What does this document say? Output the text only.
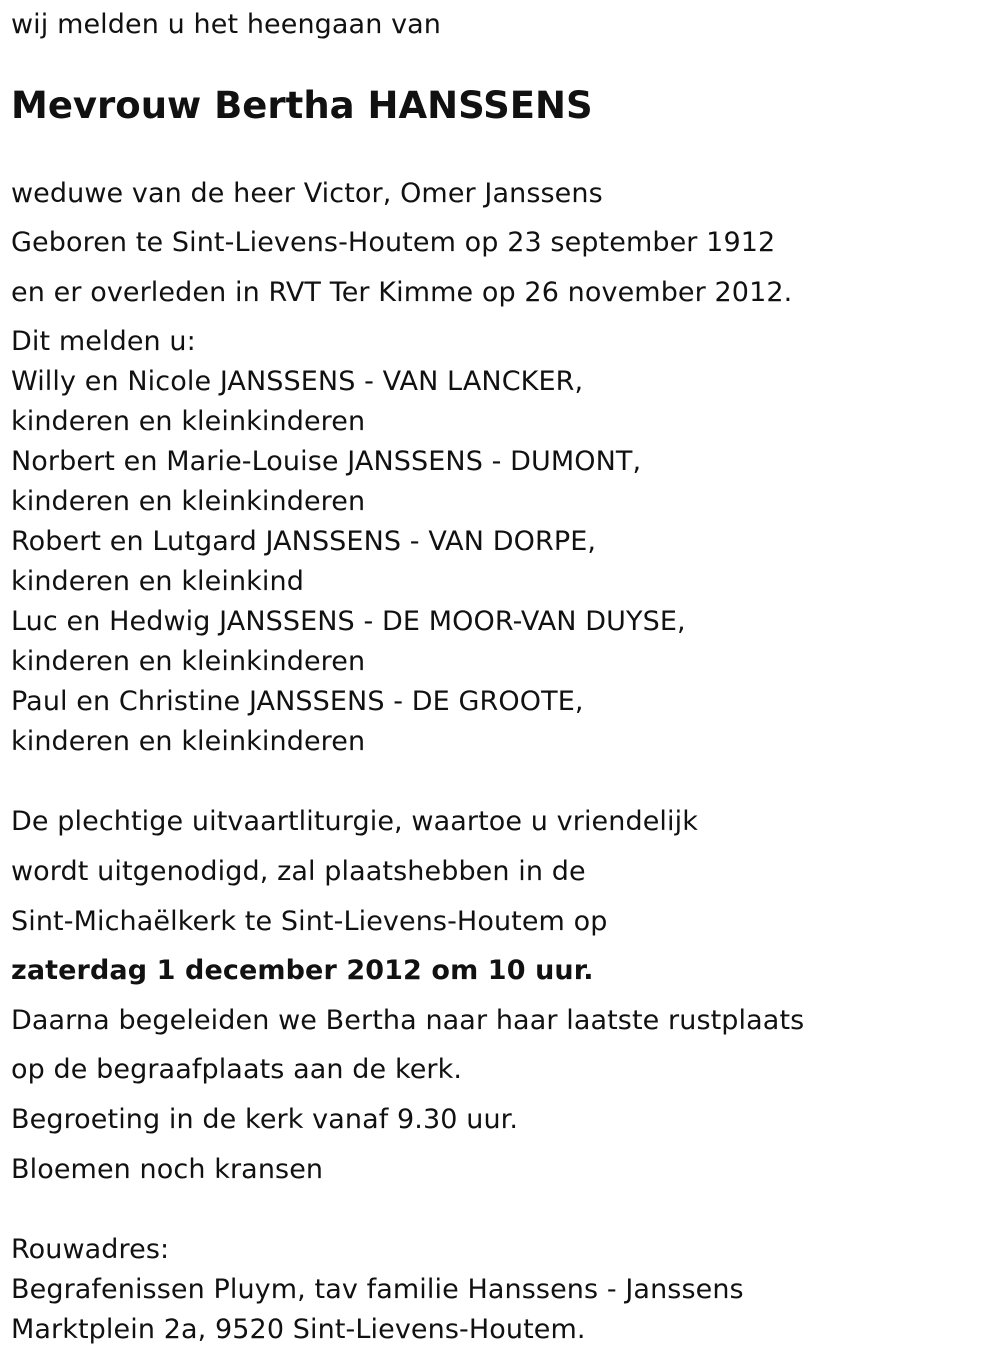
wij melden u het heengaan van
Mevrouw Bertha HANSSENS
weduwe van de heer Victor, Omer Janssens
Geboren te Sint-Lievens-Houtem op 23 september 1912
en er overleden in RVT Ter Kimme op 26 november 2012.
Dit melden u:
Willy en Nicole JANSSENS - VAN LANCKER,
kinderen en kleinkinderen
Norbert en Marie-Louise JANSSENS - DUMONT,
kinderen en kleinkinderen
Robert en Lutgard JANSSENS - VAN DORPE,
kinderen en kleinkind
Luc en Hedwig JANSSENS - DE MOOR-VAN DUYSE,
kinderen en kleinkinderen
Paul en Christine JANSSENS - DE GROOTE,
kinderen en kleinkinderen
De plechtige uitvaartliturgie, waartoe u vriendelijk
wordt uitgenodigd, zal plaatshebben in de
Sint-Michaëlkerk te Sint-Lievens-Houtem op
zaterdag 1 december 2012 om 10 uur.
Daarna begeleiden we Bertha naar haar laatste rustplaats
op de begraafplaats aan de kerk.
Begroeting in de kerk vanaf 9.30 uur.
Bloemen noch kransen
Rouwadres:
Begrafenissen Pluym, tav familie Hanssens - Janssens
Marktplein 2a, 9520 Sint-Lievens-Houtem.
